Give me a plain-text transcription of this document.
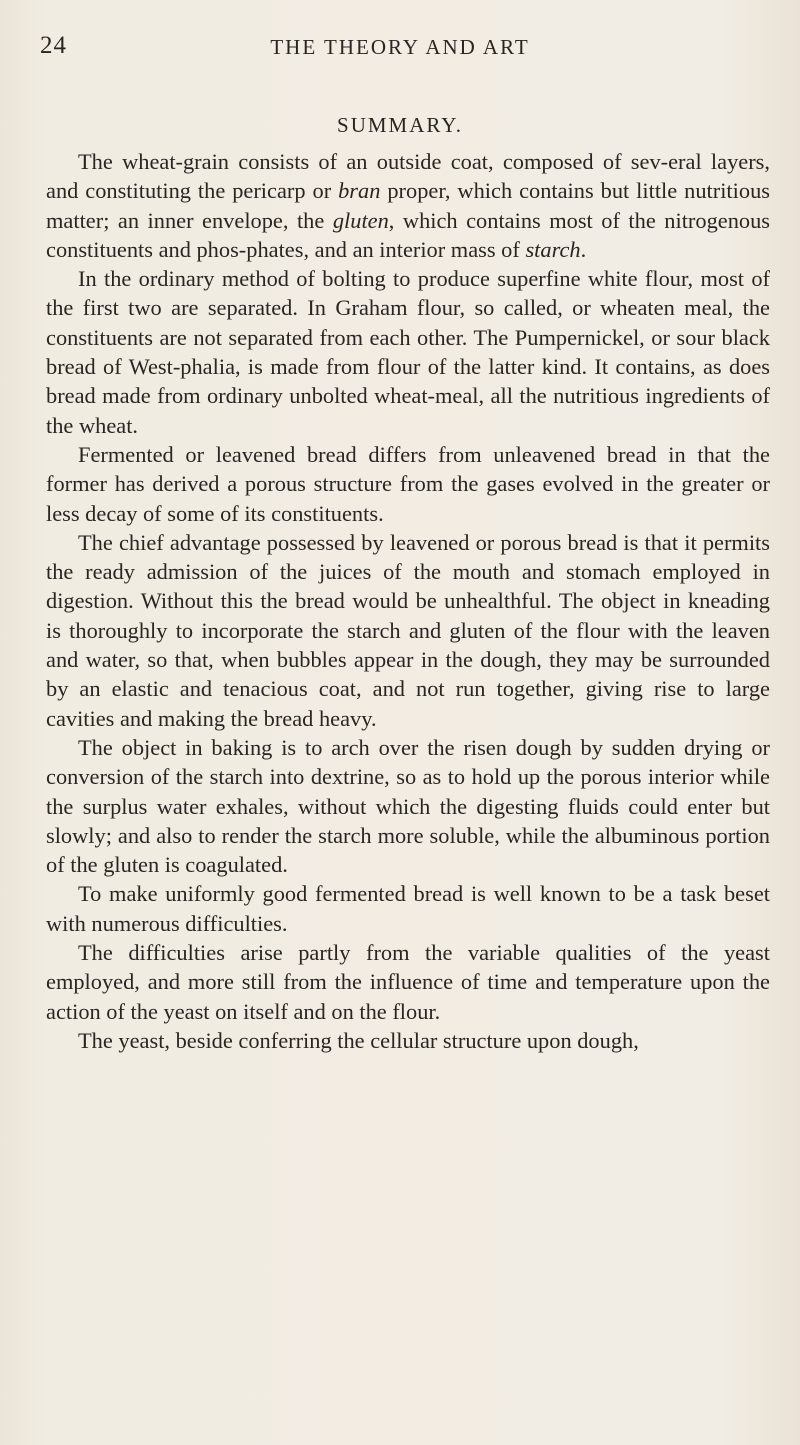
24	THE THEORY AND ART
SUMMARY.

The wheat-grain consists of an outside coat, composed of sev-eral layers, and constituting the pericarp or bran proper, which contains but little nutritious matter; an inner envelope, the gluten, which contains most of the nitrogenous constituents and phos-phates, and an interior mass of starch.

In the ordinary method of bolting to produce superfine white flour, most of the first two are separated. In Graham flour, so called, or wheaten meal, the constituents are not separated from each other. The Pumpernickel, or sour black bread of West-phalia, is made from flour of the latter kind. It contains, as does bread made from ordinary unbolted wheat-meal, all the nutritious ingredients of the wheat.

Fermented or leavened bread differs from unleavened bread in that the former has derived a porous structure from the gases evolved in the greater or less decay of some of its constituents.

The chief advantage possessed by leavened or porous bread is that it permits the ready admission of the juices of the mouth and stomach employed in digestion. Without this the bread would be unhealthful. The object in kneading is thoroughly to incorporate the starch and gluten of the flour with the leaven and water, so that, when bubbles appear in the dough, they may be surrounded by an elastic and tenacious coat, and not run together, giving rise to large cavities and making the bread heavy.

The object in baking is to arch over the risen dough by sudden drying or conversion of the starch into dextrine, so as to hold up the porous interior while the surplus water exhales, without which the digesting fluids could enter but slowly; and also to render the starch more soluble, while the albuminous portion of the gluten is coagulated.

To make uniformly good fermented bread is well known to be a task beset with numerous difficulties.

The difficulties arise partly from the variable qualities of the yeast employed, and more still from the influence of time and temperature upon the action of the yeast on itself and on the flour.

The yeast, beside conferring the cellular structure upon dough,
